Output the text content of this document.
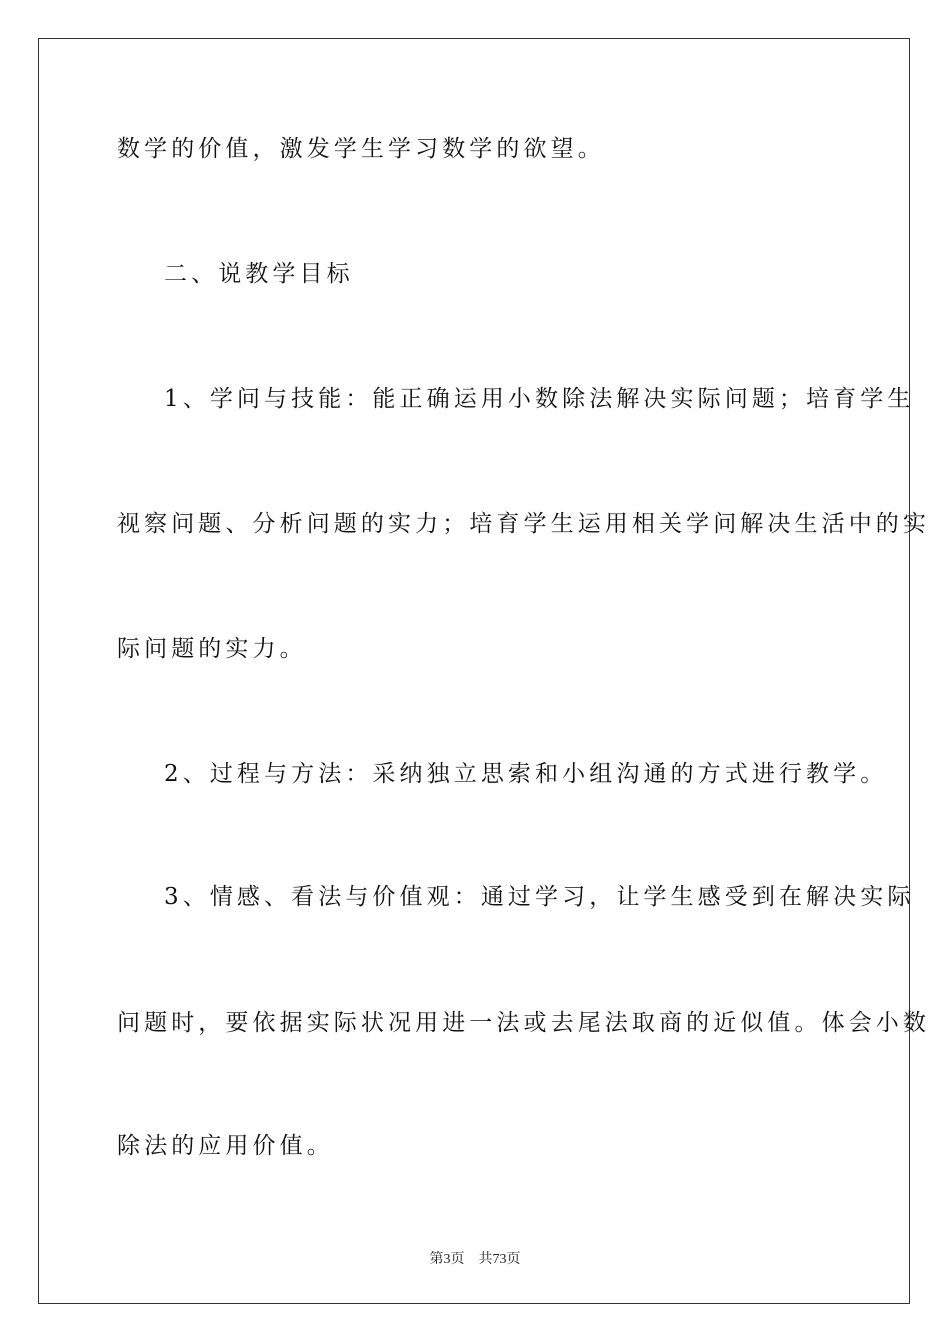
数学的价值，激发学生学习数学的欲望。
二、说教学目标
1、学问与技能：能正确运用小数除法解决实际问题；培育学生
视察问题、分析问题的实力；培育学生运用相关学问解决生活中的实
际问题的实力。
2、过程与方法：采纳独立思索和小组沟通的方式进行教学。
3、情感、看法与价值观：通过学习，让学生感受到在解决实际
问题时，要依据实际状况用进一法或去尾法取商的近似值。体会小数
除法的应用价值。
第3页 共73页
